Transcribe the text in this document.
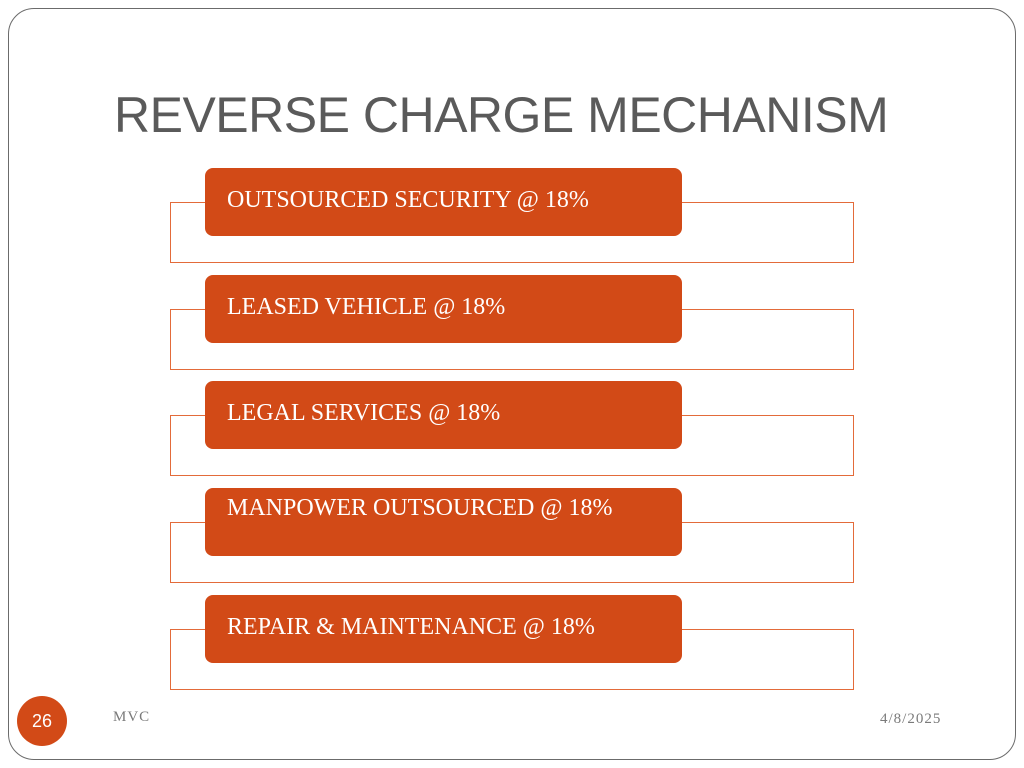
REVERSE CHARGE MECHANISM
OUTSOURCED SECURITY @ 18%
LEASED VEHICLE @ 18%
LEGAL SERVICES @ 18%
MANPOWER OUTSOURCED @ 18%
REPAIR & MAINTENANCE @ 18%
26	MVC	4/8/2025
